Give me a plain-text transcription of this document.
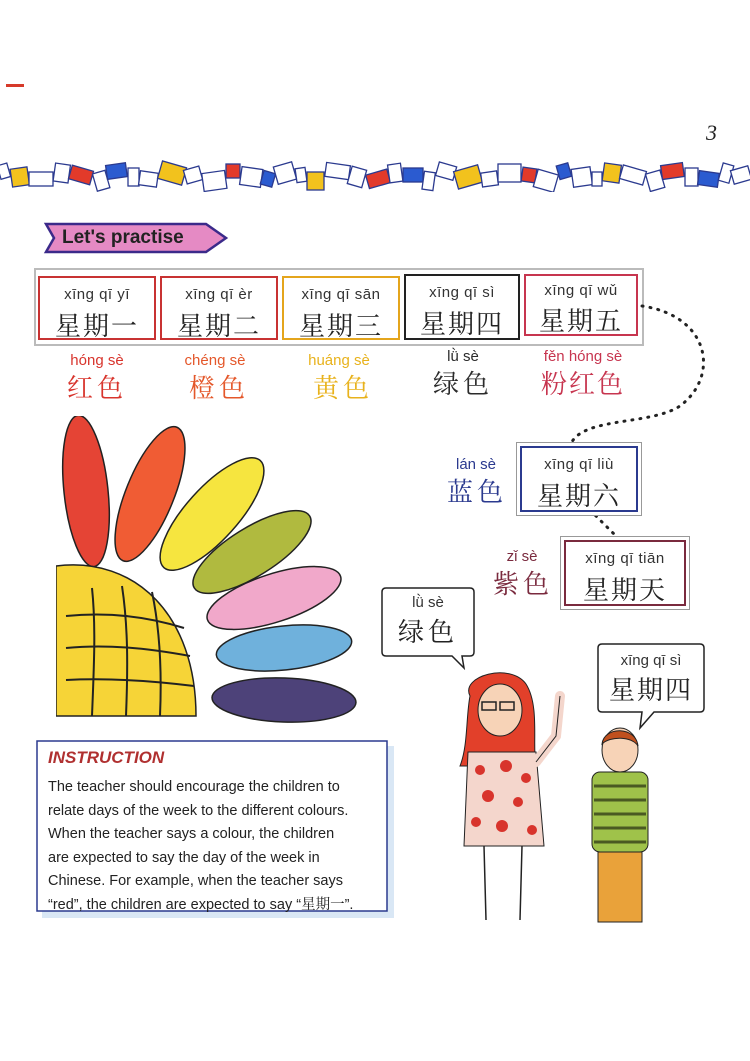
3
Let's practise
xīng qī yī
星期一
xīng qī èr
星期二
xīng qī sān
星期三
xīng qī sì
星期四
xīng qī wǔ
星期五
hóng sè
红色
chéng sè
橙色
huáng sè
黄色
lǜ sè
绿色
fěn hóng sè
粉红色
lán sè
蓝色
xīng qī liù
星期六
zǐ sè
紫色
xīng qī tiān
星期天
lǜ sè
绿色
xīng qī sì
星期四
INSTRUCTION
The teacher should encourage the children to
relate days of the week to the different colours.
When the teacher says a colour, the children
are expected to say the day of the week in
Chinese. For example, when the teacher says
“red”, the children are expected to say “星期一”.
